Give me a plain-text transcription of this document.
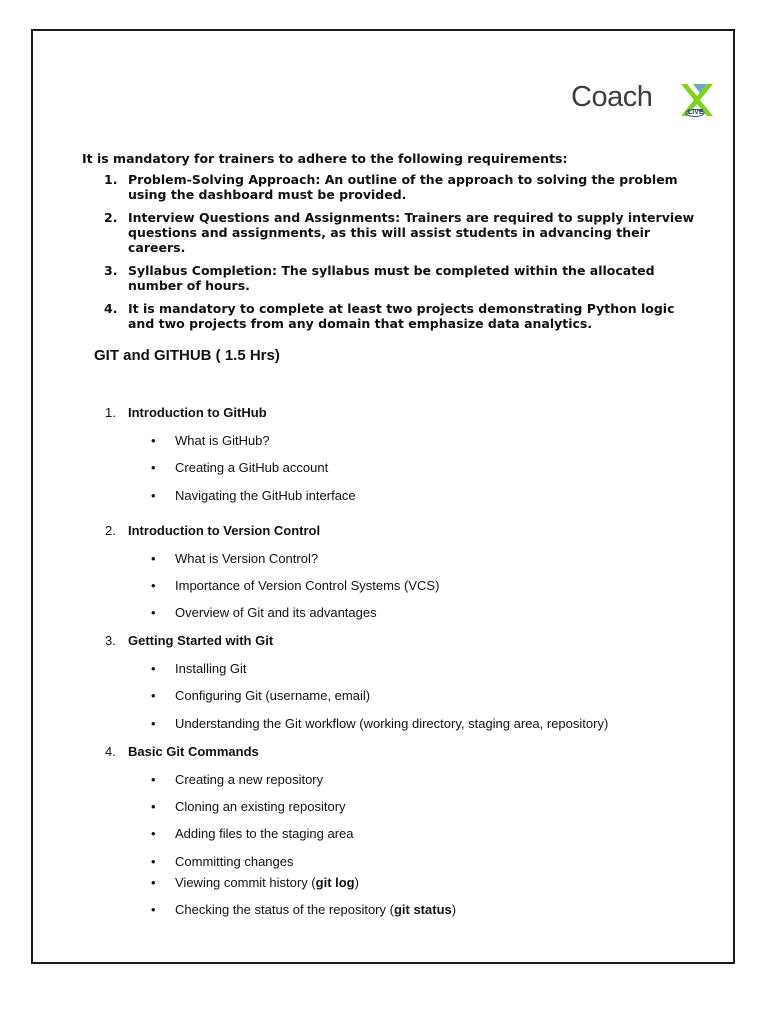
Coach	LIVE
It is mandatory for trainers to adhere to the following requirements:
1. Problem-Solving Approach: An outline of the approach to solving the problem using the dashboard must be provided.
2. Interview Questions and Assignments: Trainers are required to supply interview questions and assignments, as this will assist students in advancing their careers.
3. Syllabus Completion: The syllabus must be completed within the allocated number of hours.
4. It is mandatory to complete at least two projects demonstrating Python logic and two projects from any domain that emphasize data analytics.
GIT and GITHUB ( 1.5 Hrs)
1. Introduction to GitHub
• What is GitHub?
• Creating a GitHub account
• Navigating the GitHub interface
2. Introduction to Version Control
• What is Version Control?
• Importance of Version Control Systems (VCS)
• Overview of Git and its advantages
3. Getting Started with Git
• Installing Git
• Configuring Git (username, email)
• Understanding the Git workflow (working directory, staging area, repository)
4. Basic Git Commands
• Creating a new repository
• Cloning an existing repository
• Adding files to the staging area
• Committing changes
• Viewing commit history (git log)
• Checking the status of the repository (git status)
